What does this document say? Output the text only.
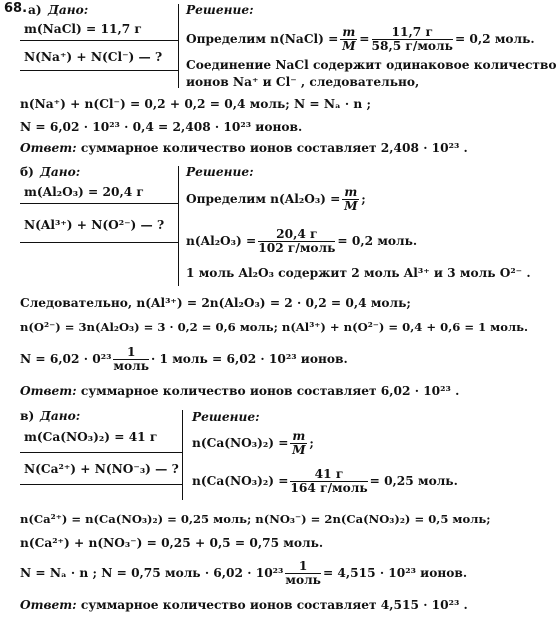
68. а) Дано:
m(NaCl) = 11,7 г
N(Na⁺) + N(Cl⁻) — ?
Решение:
Определим n(NaCl) = $\frac{m}{M} = \frac{11,7 г}{\text{58,5 г/моль}} = 0,2$ моль.
Соединение NaCl содержит одинаковое количество
ионов Na⁺ и Cl⁻ , следовательно,
n(Na⁺) + n(Cl⁻) = 0,2 + 0,2 = 0,4 моль; N = Nₐ · n ;
N = 6,02 · 10²³ · 0,4 = 2,408 · 10²³ ионов.
Ответ: суммарное количество ионов составляет 2,408 · 10²³ .
б) Дано:
m(Al₂O₃) = 20,4 г
N(Al³⁺) + N(O²⁻) — ?
Решение:
Определим $n(Al_2O_3) = \frac{m}{M}$ ;
$n(Al_2O_3) = \frac{20,4 г}{\text{102 г/моль}} = 0,2$ моль.
1 моль Al₂O₃ содержит 2 моль Al³⁺ и 3 моль O²⁻ .
Следовательно, n(Al³⁺) = 2n(Al₂O₃) = 2 · 0,2 = 0,4 моль;
n(O²⁻) = 3n(Al₂O₃) = 3 · 0,2 = 0,6 моль; n(Al³⁺) + n(O²⁻) = 0,4 + 0,6 = 1 моль.
$N = 6,02 \cdot 0^{23} \frac{1}{\text{моль}} \cdot 1$ моль = 6,02 · 10²³ ионов.
Ответ: суммарное количество ионов составляет 6,02 · 10²³ .
в) Дано:
m(Ca(NO₃)₂) = 41 г
N(Ca²⁺) + N(NO⁻₃) — ?
Решение:
$n(Ca(NO_3)_2) = \frac{m}{M}$ ;
$n(Ca(NO_3)_2) = \frac{41 г}{\text{164 г/моль}} = 0,25$ моль.
n(Ca²⁺) = n(Ca(NO₃)₂) = 0,25 моль; n(NO₃⁻) = 2n(Ca(NO₃)₂) = 0,5 моль;
n(Ca²⁺) + n(NO₃⁻) = 0,25 + 0,5 = 0,75 моль.
N = Nₐ · n ; N = 0,75 моль · $6,02 \cdot 10^{23} \frac{1}{\text{моль}} = 4,515 \cdot 10^{23}$ ионов.
Ответ: суммарное количество ионов составляет 4,515 · 10²³ .
